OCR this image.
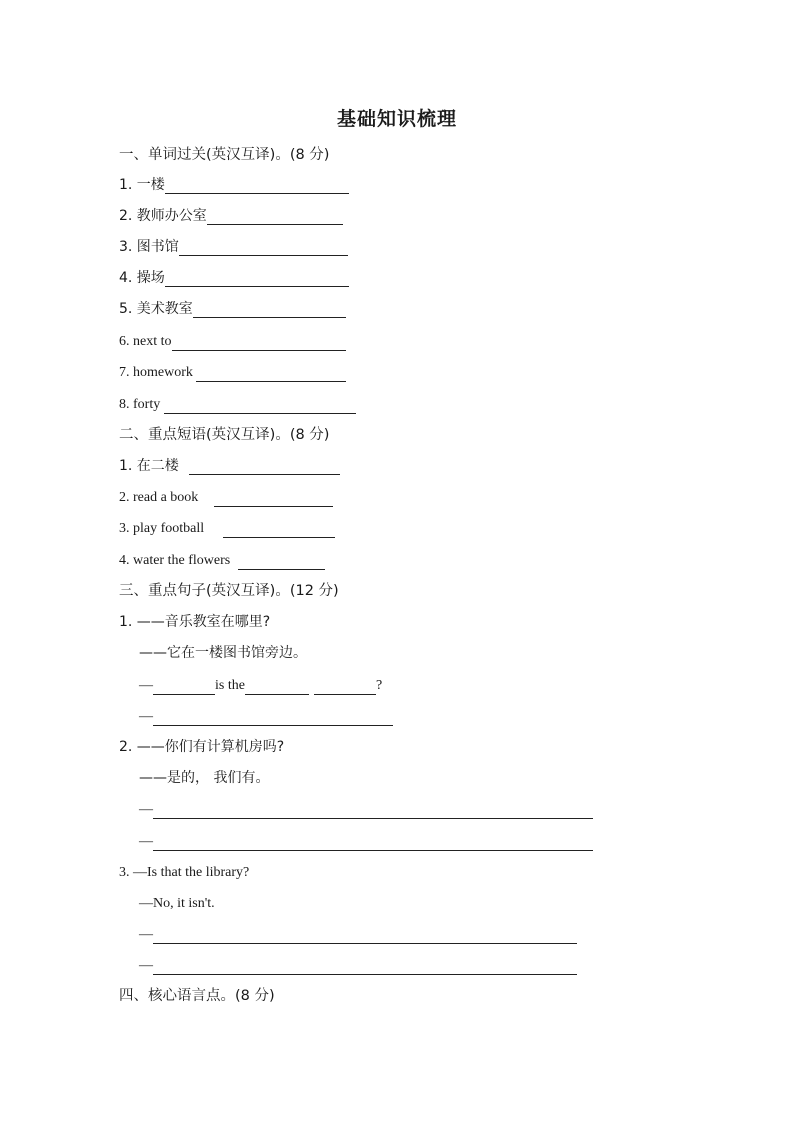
基础知识梳理
一、单词过关(英汉互译)。(8 分)
1. 一楼
2. 教师办公室
3. 图书馆
4. 操场
5. 美术教室
6. next to
7. homework
8. forty
二、重点短语(英汉互译)。(8 分)
1. 在二楼
2. read a book
3. play football
4. water the flowers
三、重点句子(英汉互译)。(12 分)
1. ——音乐教室在哪里?
——它在一楼图书馆旁边。
—	is the	?
—
2. ——你们有计算机房吗?
——是的， 我们有。
—
—
3. —Is that the library?
—No, it isn't.
—
—
四、核心语言点。(8 分)
